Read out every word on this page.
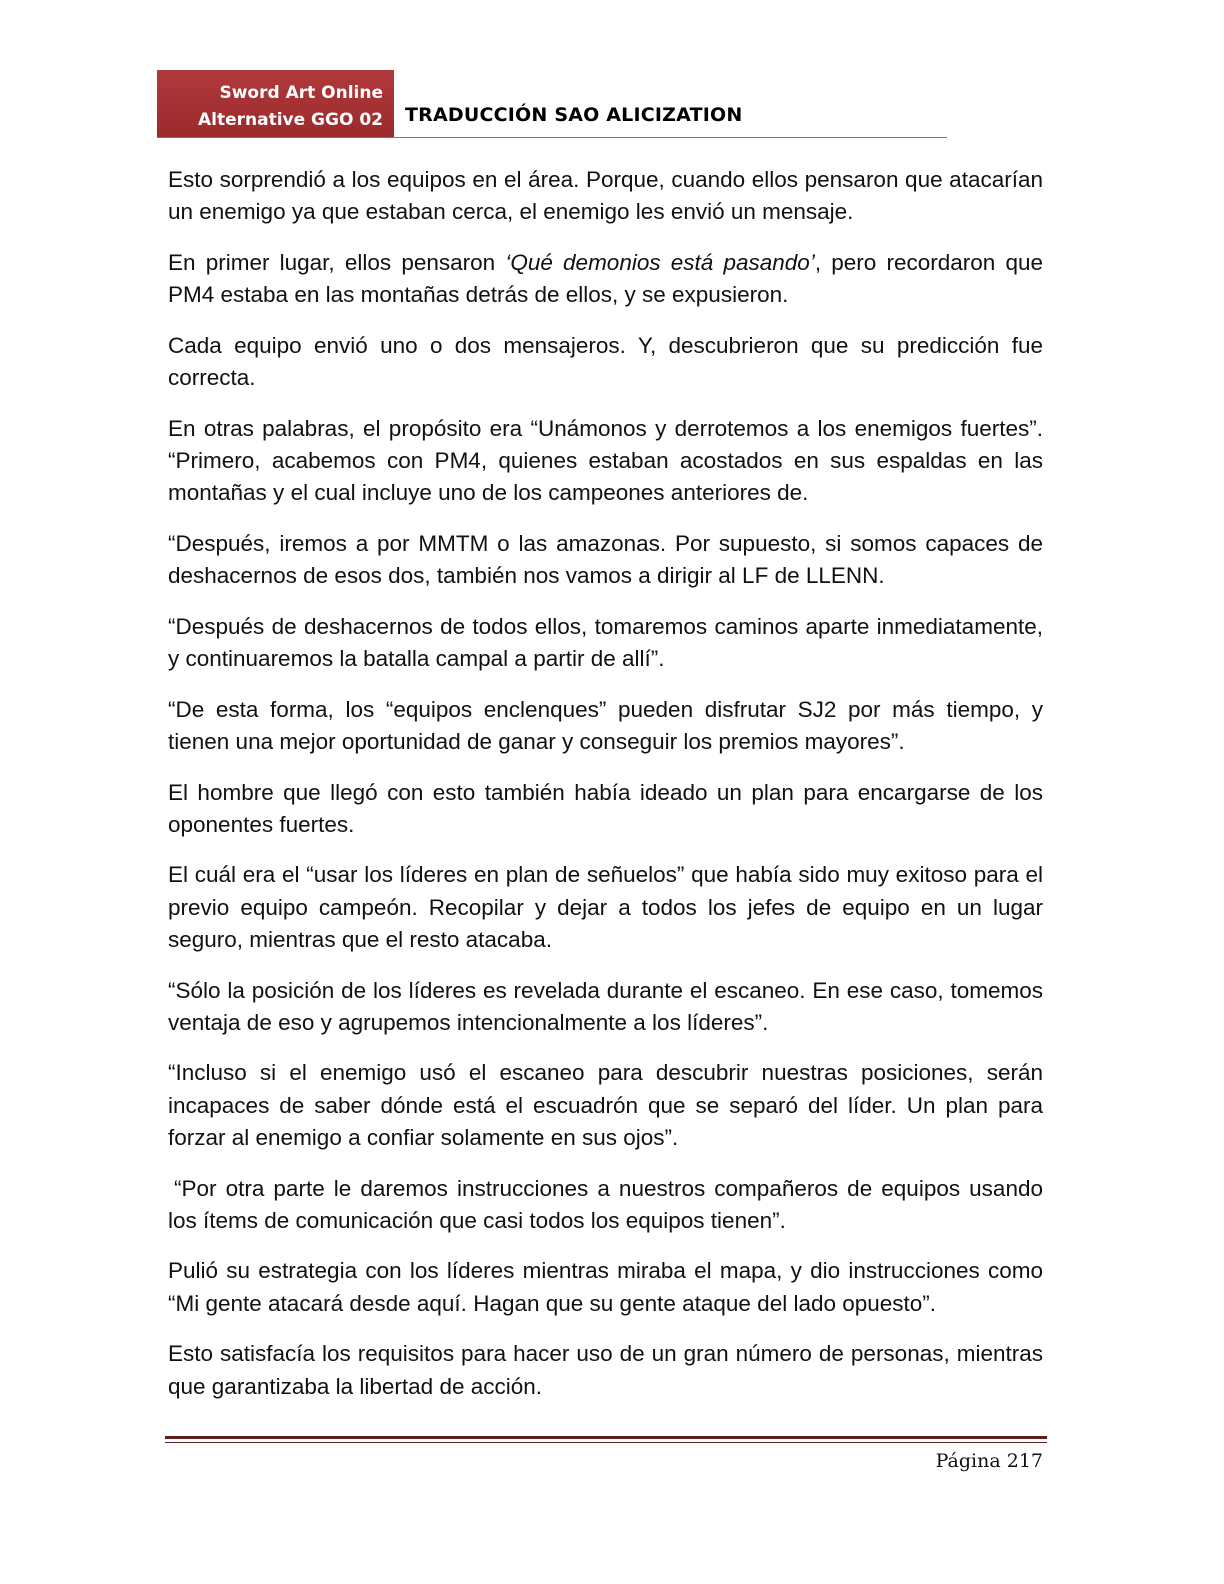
Sword Art Online
Alternative GGO 02 TRADUCCIÓN SAO ALICIZATION

Esto sorprendió a los equipos en el área. Porque, cuando ellos pensaron que atacarían un enemigo ya que estaban cerca, el enemigo les envió un mensaje.

En primer lugar, ellos pensaron ‘Qué demonios está pasando’, pero recordaron que PM4 estaba en las montañas detrás de ellos, y se expusieron.

Cada equipo envió uno o dos mensajeros. Y, descubrieron que su predicción fue correcta.

En otras palabras, el propósito era “Unámonos y derrotemos a los enemigos fuertes”. “Primero, acabemos con PM4, quienes estaban acostados en sus espaldas en las montañas y el cual incluye uno de los campeones anteriores de.

“Después, iremos a por MMTM o las amazonas. Por supuesto, si somos capaces de deshacernos de esos dos, también nos vamos a dirigir al LF de LLENN.

“Después de deshacernos de todos ellos, tomaremos caminos aparte inmediatamente, y continuaremos la batalla campal a partir de allí”.

“De esta forma, los “equipos enclenques” pueden disfrutar SJ2 por más tiempo, y tienen una mejor oportunidad de ganar y conseguir los premios mayores”.

El hombre que llegó con esto también había ideado un plan para encargarse de los oponentes fuertes.

El cuál era el “usar los líderes en plan de señuelos” que había sido muy exitoso para el previo equipo campeón. Recopilar y dejar a todos los jefes de equipo en un lugar seguro, mientras que el resto atacaba.

“Sólo la posición de los líderes es revelada durante el escaneo. En ese caso, tomemos ventaja de eso y agrupemos intencionalmente a los líderes”.

“Incluso si el enemigo usó el escaneo para descubrir nuestras posiciones, serán incapaces de saber dónde está el escuadrón que se separó del líder. Un plan para forzar al enemigo a confiar solamente en sus ojos”.

“Por otra parte le daremos instrucciones a nuestros compañeros de equipos usando los ítems de comunicación que casi todos los equipos tienen”.

Pulió su estrategia con los líderes mientras miraba el mapa, y dio instrucciones como “Mi gente atacará desde aquí. Hagan que su gente ataque del lado opuesto”.

Esto satisfacía los requisitos para hacer uso de un gran número de personas, mientras que garantizaba la libertad de acción.

Página 217
